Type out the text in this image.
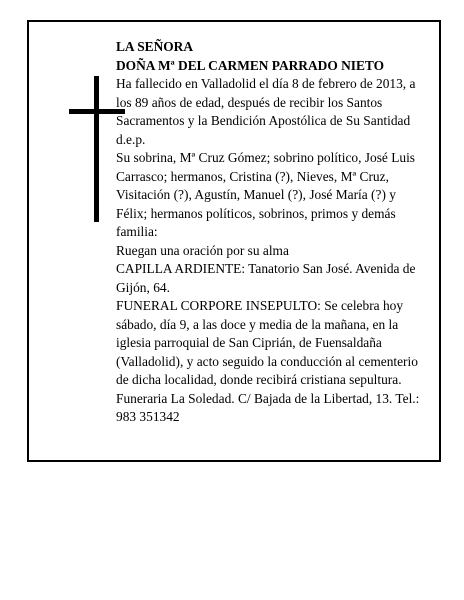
LA SEÑORA

DOÑA Mª DEL CARMEN PARRADO NIETO

Ha fallecido en Valladolid el día 8 de febrero de 2013, a los 89 años de edad, después de recibir los Santos Sacramentos y la Bendición Apostólica de Su Santidad d.e.p.

Su sobrina, Mª Cruz Gómez; sobrino político, José Luis Carrasco; hermanos, Cristina (?), Nieves, Mª Cruz, Visitación (?), Agustín, Manuel (?), José María (?) y Félix; hermanos políticos, sobrinos, primos y demás familia:

Ruegan una oración por su alma

CAPILLA ARDIENTE: Tanatorio San José. Avenida de Gijón, 64.

FUNERAL CORPORE INSEPULTO: Se celebra hoy sábado, día 9, a las doce y media de la mañana, en la iglesia parroquial de San Ciprián, de Fuensaldaña (Valladolid), y acto seguido la conducción al cementerio de dicha localidad, donde recibirá cristiana sepultura.

Funeraria La Soledad. C/ Bajada de la Libertad, 13. Tel.: 983 351342
